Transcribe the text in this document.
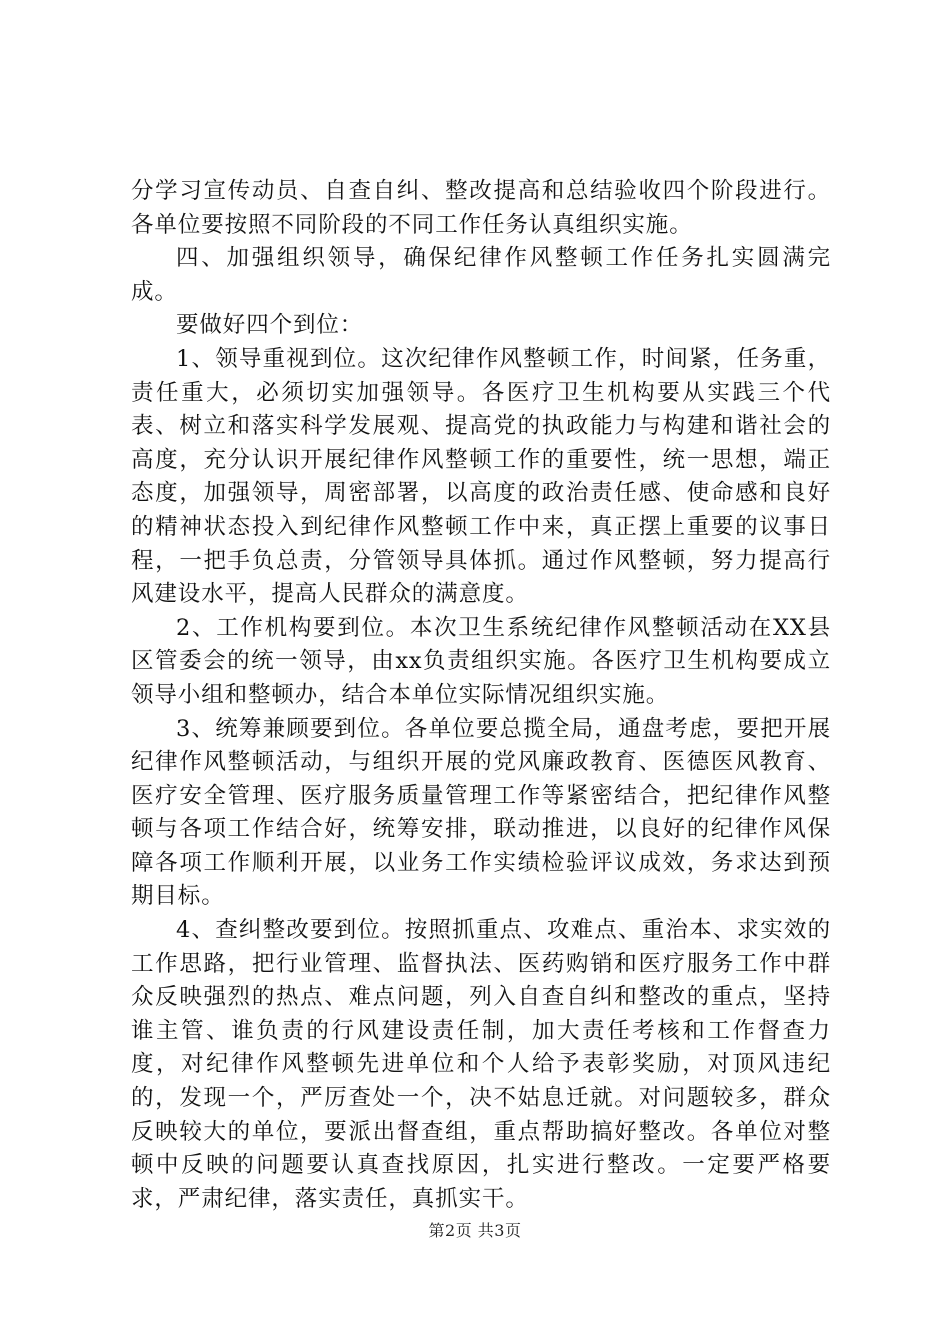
分学习宣传动员、自查自纠、整改提高和总结验收四个阶段进行。各单位要按照不同阶段的不同工作任务认真组织实施。

四、加强组织领导，确保纪律作风整顿工作任务扎实圆满完成。

要做好四个到位：

1、领导重视到位。这次纪律作风整顿工作，时间紧，任务重，责任重大，必须切实加强领导。各医疗卫生机构要从实践三个代表、树立和落实科学发展观、提高党的执政能力与构建和谐社会的高度，充分认识开展纪律作风整顿工作的重要性，统一思想，端正态度，加强领导，周密部署，以高度的政治责任感、使命感和良好的精神状态投入到纪律作风整顿工作中来，真正摆上重要的议事日程，一把手负总责，分管领导具体抓。通过作风整顿，努力提高行风建设水平，提高人民群众的满意度。

2、工作机构要到位。本次卫生系统纪律作风整顿活动在XX县区管委会的统一领导，由xx负责组织实施。各医疗卫生机构要成立领导小组和整顿办，结合本单位实际情况组织实施。

3、统筹兼顾要到位。各单位要总揽全局，通盘考虑，要把开展纪律作风整顿活动，与组织开展的党风廉政教育、医德医风教育、医疗安全管理、医疗服务质量管理工作等紧密结合，把纪律作风整顿与各项工作结合好，统筹安排，联动推进，以良好的纪律作风保障各项工作顺利开展，以业务工作实绩检验评议成效，务求达到预期目标。

4、查纠整改要到位。按照抓重点、攻难点、重治本、求实效的工作思路，把行业管理、监督执法、医药购销和医疗服务工作中群众反映强烈的热点、难点问题，列入自查自纠和整改的重点，坚持谁主管、谁负责的行风建设责任制，加大责任考核和工作督查力度，对纪律作风整顿先进单位和个人给予表彰奖励，对顶风违纪的，发现一个，严厉查处一个，决不姑息迁就。对问题较多，群众反映较大的单位，要派出督查组，重点帮助搞好整改。各单位对整顿中反映的问题要认真查找原因，扎实进行整改。一定要严格要求，严肃纪律，落实责任，真抓实干。

第2页 共3页
